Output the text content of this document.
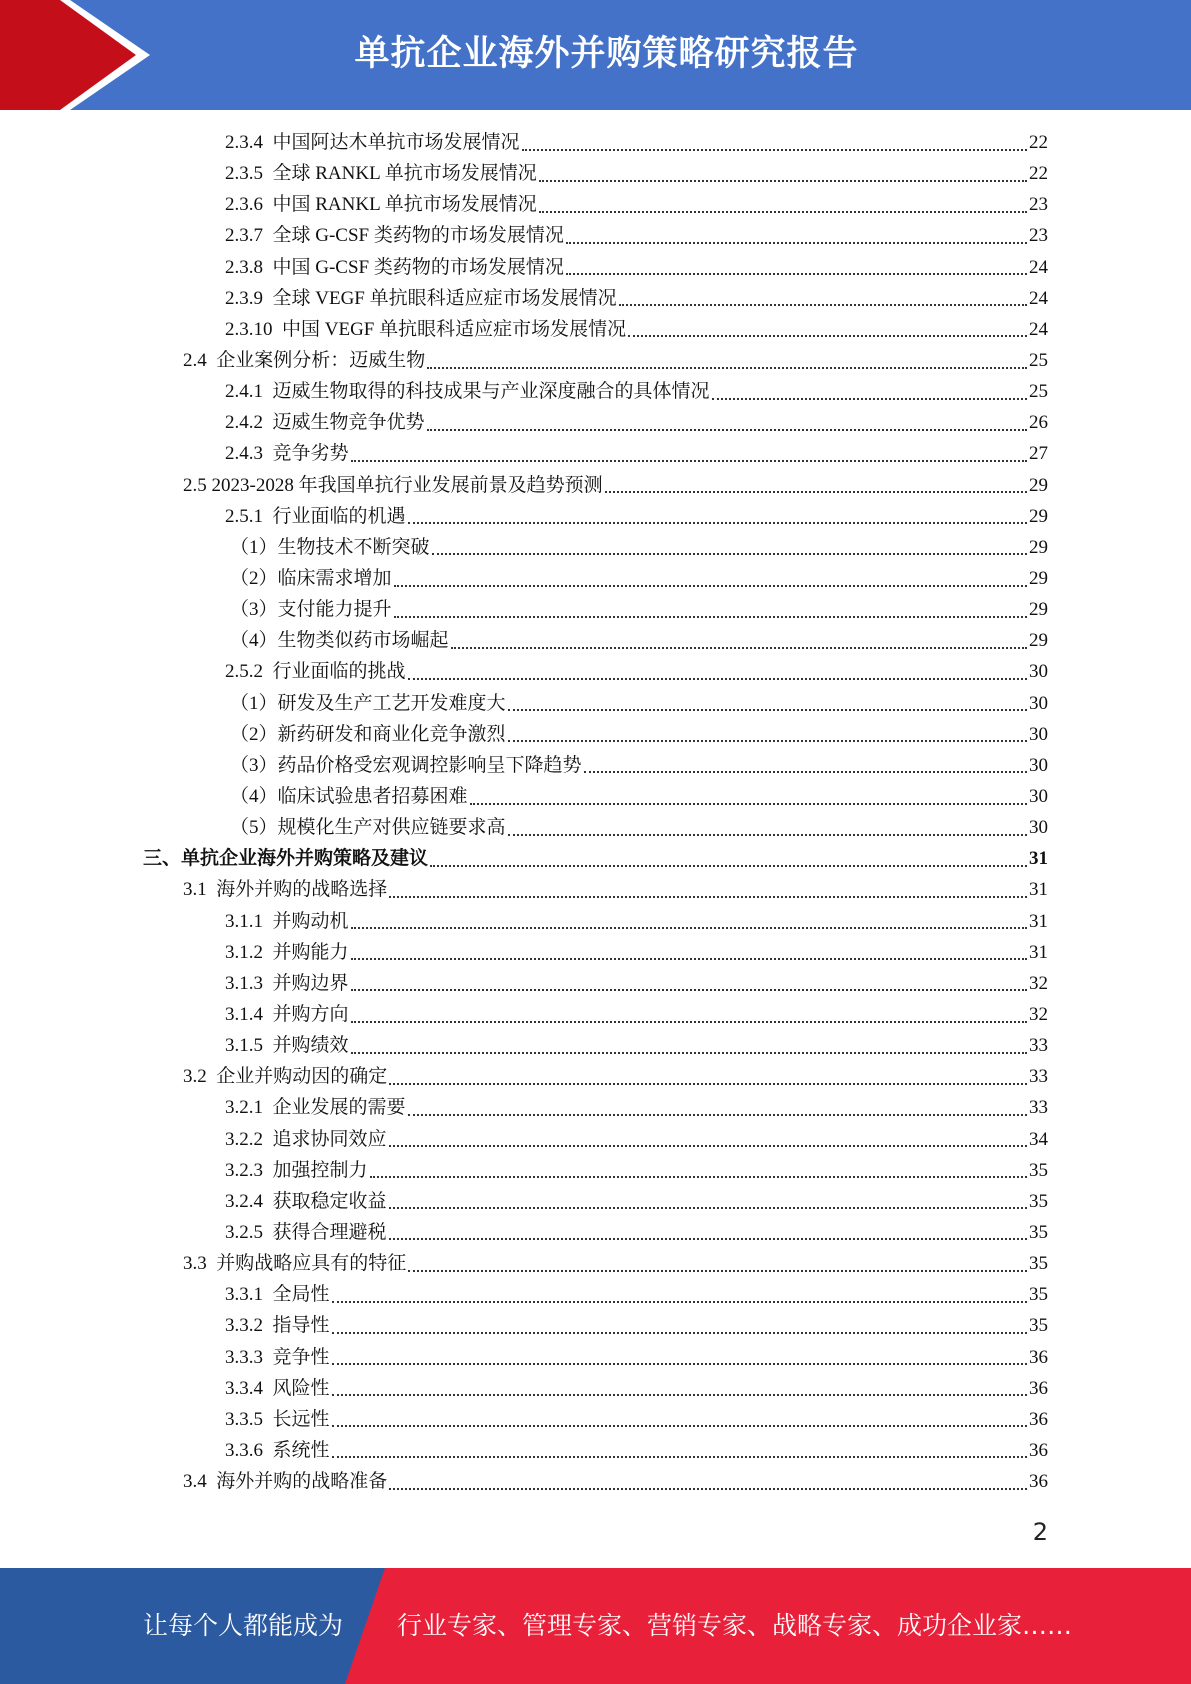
单抗企业海外并购策略研究报告
2.3.4  中国阿达木单抗市场发展情况	22
2.3.5  全球 RANKL 单抗市场发展情况	22
2.3.6  中国 RANKL 单抗市场发展情况	23
2.3.7  全球 G-CSF 类药物的市场发展情况	23
2.3.8  中国 G-CSF 类药物的市场发展情况	24
2.3.9  全球 VEGF 单抗眼科适应症市场发展情况	24
2.3.10  中国 VEGF 单抗眼科适应症市场发展情况	24
2.4  企业案例分析：迈威生物	25
2.4.1  迈威生物取得的科技成果与产业深度融合的具体情况	25
2.4.2  迈威生物竞争优势	26
2.4.3  竞争劣势	27
2.5 2023-2028 年我国单抗行业发展前景及趋势预测	29
2.5.1  行业面临的机遇	29
（1）生物技术不断突破	29
（2）临床需求增加	29
（3）支付能力提升	29
（4）生物类似药市场崛起	29
2.5.2  行业面临的挑战	30
（1）研发及生产工艺开发难度大	30
（2）新药研发和商业化竞争激烈	30
（3）药品价格受宏观调控影响呈下降趋势	30
（4）临床试验患者招募困难	30
（5）规模化生产对供应链要求高	30
三、单抗企业海外并购策略及建议	31
3.1  海外并购的战略选择	31
3.1.1  并购动机	31
3.1.2  并购能力	31
3.1.3  并购边界	32
3.1.4  并购方向	32
3.1.5  并购绩效	33
3.2  企业并购动因的确定	33
3.2.1  企业发展的需要	33
3.2.2  追求协同效应	34
3.2.3  加强控制力	35
3.2.4  获取稳定收益	35
3.2.5  获得合理避税	35
3.3  并购战略应具有的特征	35
3.3.1  全局性	35
3.3.2  指导性	35
3.3.3  竞争性	36
3.3.4  风险性	36
3.3.5  长远性	36
3.3.6  系统性	36
3.4  海外并购的战略准备	36
2
让每个人都能成为 行业专家、管理专家、营销专家、战略专家、成功企业家……
